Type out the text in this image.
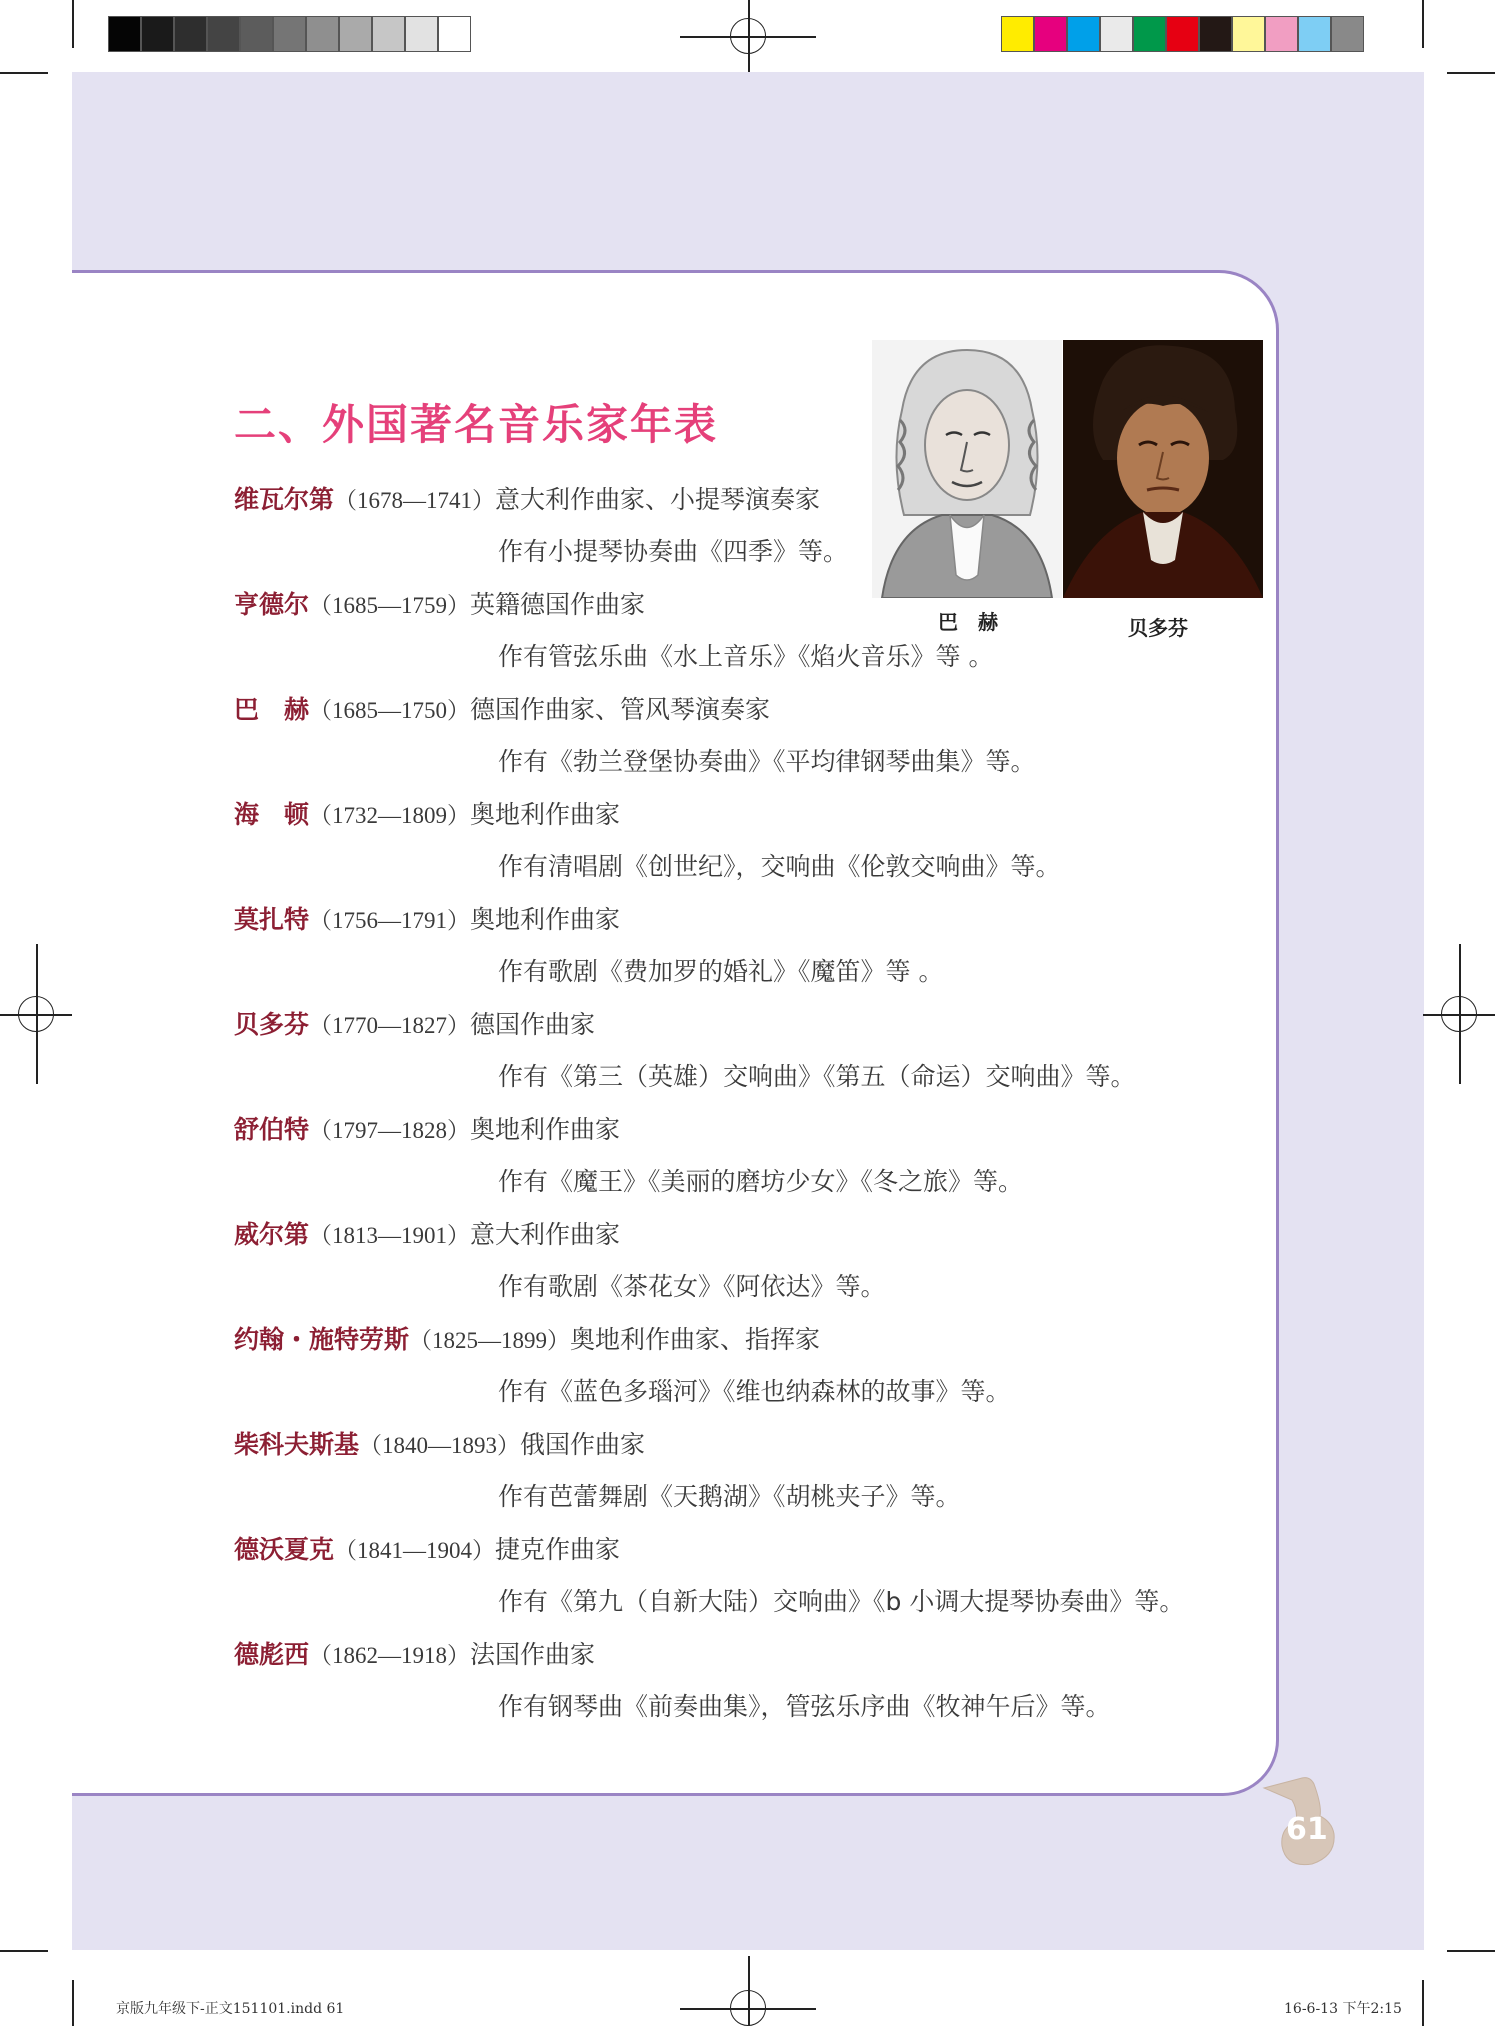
二、外国著名音乐家年表
巴　赫	贝多芬
维瓦尔第 （1678—1741）意大利作曲家、小提琴演奏家
作有小提琴协奏曲《四季》等。
亨德尔 （1685—1759）英籍德国作曲家
作有管弦乐曲《水上音乐》《焰火音乐》等 。
巴　赫 （1685—1750）德国作曲家、管风琴演奏家
作有《勃兰登堡协奏曲》《平均律钢琴曲集》等。
海　顿 （1732—1809）奥地利作曲家
作有清唱剧《创世纪》，交响曲《伦敦交响曲》等。
莫扎特 （1756—1791）奥地利作曲家
作有歌剧《费加罗的婚礼》《魔笛》等 。
贝多芬 （1770—1827）德国作曲家
作有《第三（英雄）交响曲》《第五（命运）交响曲》等。
舒伯特 （1797—1828）奥地利作曲家
作有《魔王》《美丽的磨坊少女》《冬之旅》等。
威尔第 （1813—1901）意大利作曲家
作有歌剧《茶花女》《阿依达》等。
约翰・施特劳斯 （1825—1899）奥地利作曲家、指挥家
作有《蓝色多瑙河》《维也纳森林的故事》等。
柴科夫斯基 （1840—1893）俄国作曲家
作有芭蕾舞剧《天鹅湖》《胡桃夹子》等。
德沃夏克 （1841—1904）捷克作曲家
作有《第九（自新大陆）交响曲》《b 小调大提琴协奏曲》等。
德彪西 （1862—1918）法国作曲家
作有钢琴曲《前奏曲集》，管弦乐序曲《牧神午后》等。
61
京版九年级下-正文151101.indd 61	16-6-13 下午2:15
